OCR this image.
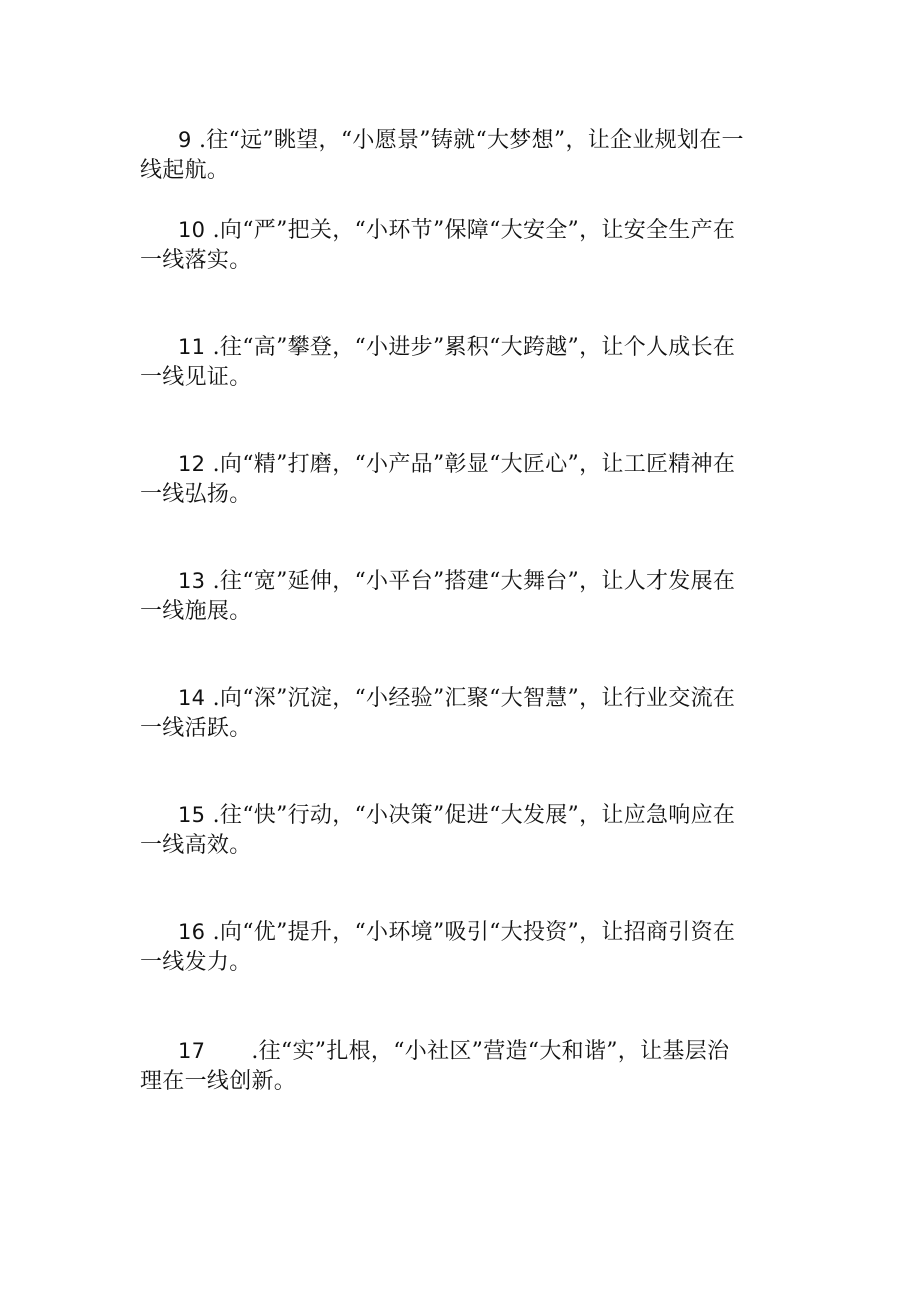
9 .往“远”眺望，“小愿景”铸就“大梦想”，让企业规划在一
线起航。
10 .向“严”把关，“小环节”保障“大安全”，让安全生产在
一线落实。
11 .往“高”攀登，“小进步”累积“大跨越”，让个人成长在
一线见证。
12 .向“精”打磨，“小产品”彰显“大匠心”，让工匠精神在
一线弘扬。
13 .往“宽”延伸，“小平台”搭建“大舞台”，让人才发展在
一线施展。
14 .向“深”沉淀，“小经验”汇聚“大智慧”，让行业交流在
一线活跃。
15 .往“快”行动，“小决策”促进“大发展”，让应急响应在
一线高效。
16 .向“优”提升，“小环境”吸引“大投资”，让招商引资在
一线发力。
17 .往“实”扎根，“小社区”营造“大和谐”，让基层治
理在一线创新。
